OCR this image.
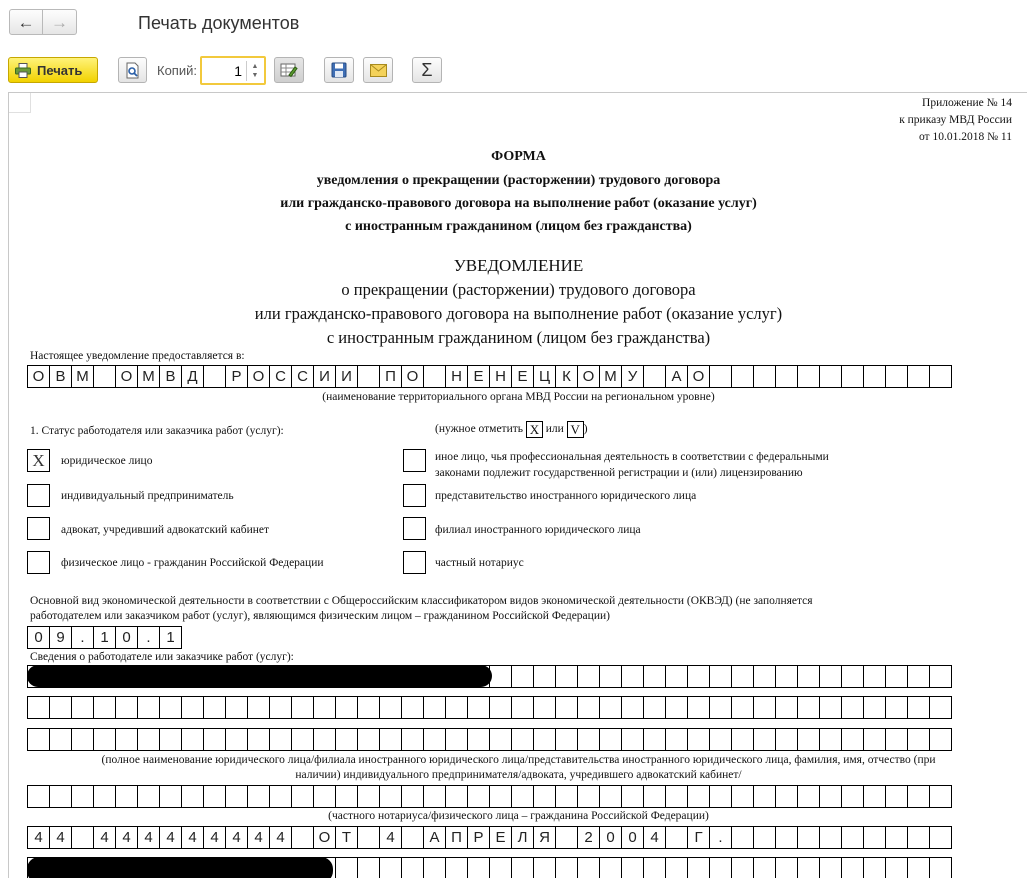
← →	Печать документов
Печать	Копий:
1	▲
▼	Σ
Приложение № 14
к приказу МВД России
от 10.01.2018 № 11
ФОРМА
уведомления о прекращении (расторжении) трудового договора
или гражданско-правового договора на выполнение работ (оказание услуг)
с иностранным гражданином (лицом без гражданства)
УВЕДОМЛЕНИЕ
о прекращении (расторжении) трудового договора
или гражданско-правового договора на выполнение работ (оказание услуг)
с иностранным гражданином (лицом без гражданства)
Настоящее уведомление предоставляется в:
О В М	О М В Д	Р О С С И И	П О	Н Е Н Е Ц К О М У	А О
(наименование территориального органа МВД России на региональном уровне)
1. Статус работодателя или заказчика работ (услуг):	(нужное отметить X или V )
X	юридическое лицо
индивидуальный предприниматель
адвокат, учредивший адвокатский кабинет
физическое лицо - гражданин Российской Федерации
иное лицо, чья профессиональная деятельность в соответствии с федеральными
законами подлежит государственной регистрации и (или) лицензированию
представительство иностранного юридического лица
филиал иностранного юридического лица
частный нотариус
Основной вид экономической деятельности в соответствии с Общероссийским классификатором видов экономической деятельности (ОКВЭД) (не заполняется
работодателем или заказчиком работ (услуг), являющимся физическим лицом – гражданином Российской Федерации)
0 9	.	1 0	.	1
Сведения о работодателе или заказчике работ (услуг):
(полное наименование юридического лица/филиала иностранного юридического лица/представительства иностранного юридического лица, фамилия, имя, отчество (при
наличии) индивидуального предпринимателя/адвоката, учредившего адвокатский кабинет/
(частного нотариуса/физического лица – гражданина Российской Федерации)
4 4	4 4 4 4 4 4 4 4 4	О Т	4	А П Р Е Л Я	2 0 0 4	Г	.
